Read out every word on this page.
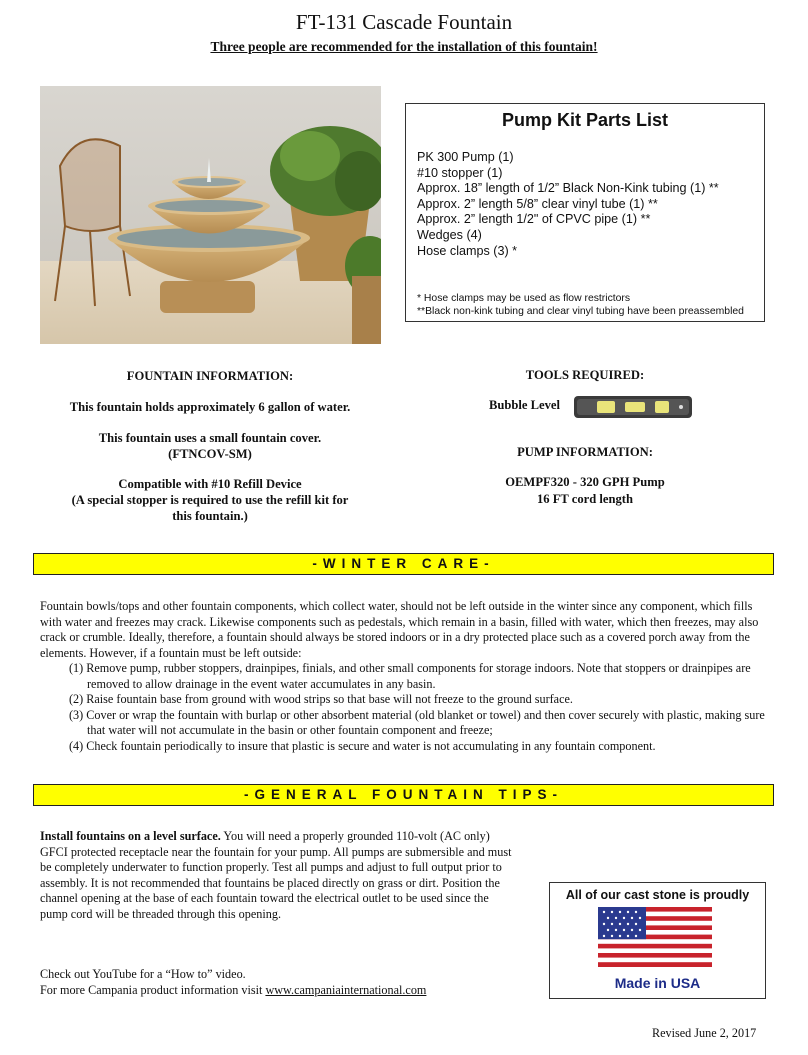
FT-131 Cascade Fountain
Three people are recommended for the installation of this fountain!
Pump Kit Parts List
PK 300 Pump (1)
#10 stopper (1)
Approx. 18” length of 1/2” Black Non-Kink tubing (1) **
Approx. 2” length 5/8” clear vinyl tube (1) **
Approx. 2” length 1/2" of CPVC pipe (1) **
Wedges (4)
Hose clamps (3) *
* Hose clamps may be used as flow restrictors
**Black non-kink tubing and clear vinyl tubing have been preassembled
FOUNTAIN INFORMATION:
This fountain holds approximately 6 gallon of water.
This fountain uses a small fountain cover.
(FTNCOV-SM)
Compatible with #10 Refill Device
(A special stopper is required to use the refill kit for
this fountain.)
TOOLS REQUIRED:
Bubble Level
PUMP INFORMATION:
OEMPF320 - 320 GPH Pump
16 FT cord length
-WINTER CARE-
Fountain bowls/tops and other fountain components, which collect water, should not be left outside in the winter since any component, which fills with water and freezes may crack. Likewise components such as pedestals, which remain in a basin, filled with water, which then freezes, may also crack or crumble. Ideally, therefore, a fountain should always be stored indoors or in a dry protected place such as a covered porch away from the elements. However, if a fountain must be left outside:
(1) Remove pump, rubber stoppers, drainpipes, finials, and other small components for storage indoors. Note that stoppers or drainpipes are removed to allow drainage in the event water accumulates in any basin.
(2) Raise fountain base from ground with wood strips so that base will not freeze to the ground surface.
(3) Cover or wrap the fountain with burlap or other absorbent material (old blanket or towel) and then cover securely with plastic, making sure that water will not accumulate in the basin or other fountain component and freeze;
(4) Check fountain periodically to insure that plastic is secure and water is not accumulating in any fountain component.
-GENERAL FOUNTAIN TIPS-
Install fountains on a level surface. You will need a properly grounded 110-volt (AC only) GFCI protected receptacle near the fountain for your pump. All pumps are submersible and must be completely underwater to function properly. Test all pumps and adjust to full output prior to assembly. It is not recommended that fountains be placed directly on grass or dirt. Position the channel opening at the base of each fountain toward the electrical outlet to be used since the pump cord will be threaded through this opening.
All of our cast stone is proudly
Made in USA
Check out YouTube for a “How to” video.
For more Campania product information visit www.campaniainternational.com
Revised June 2, 2017
